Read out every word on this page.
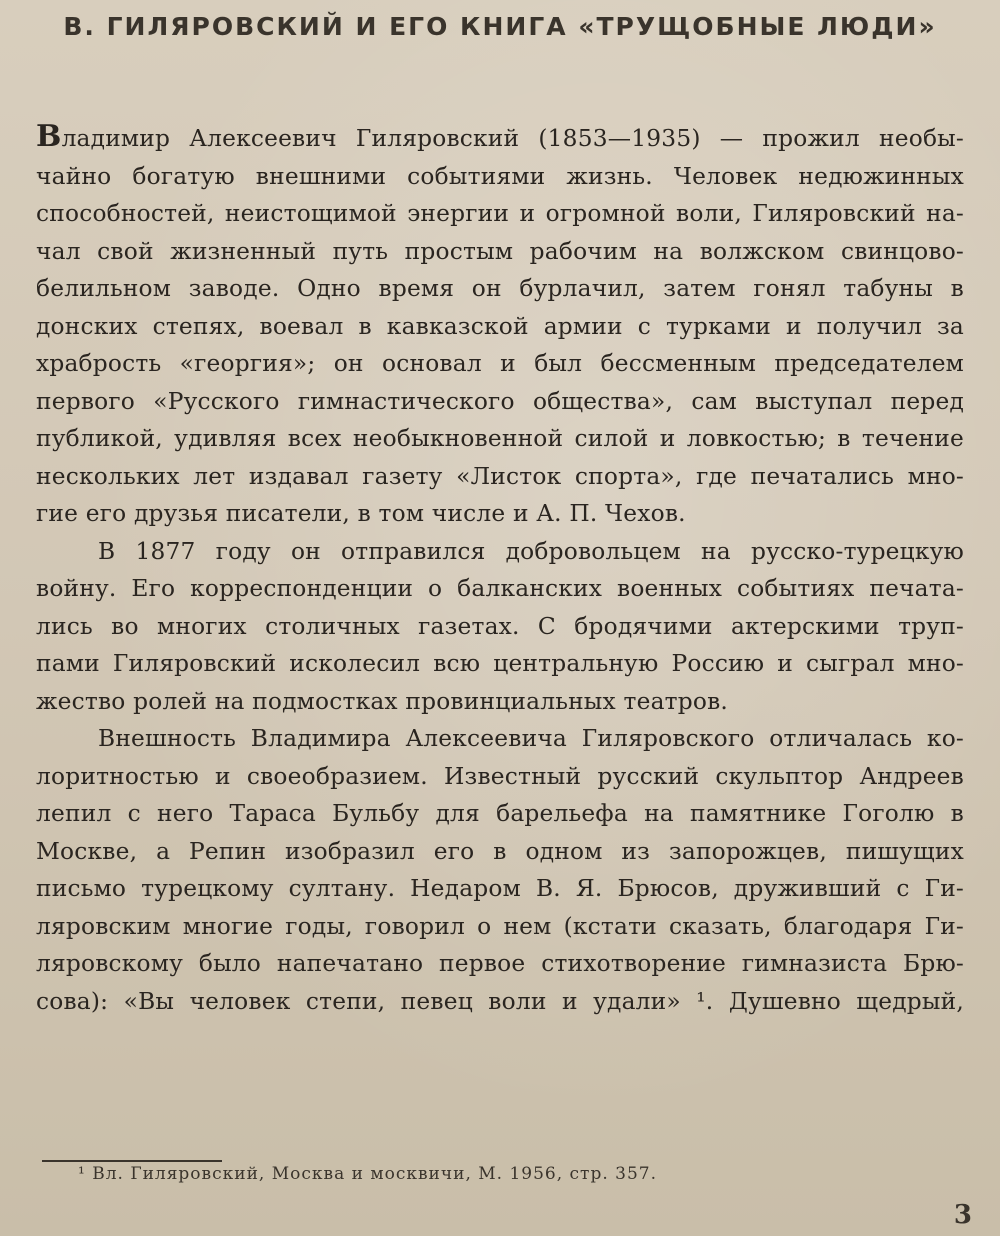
В. ГИЛЯРОВСКИЙ И ЕГО КНИГА «ТРУЩОБНЫЕ ЛЮДИ»

Владимир Алексеевич Гиляровский (1853—1935) — прожил необы-
чайно богатую внешними событиями жизнь. Человек недюжинных
способностей, неистощимой энергии и огромной воли, Гиляровский на-
чал свой жизненный путь простым рабочим на волжском свинцово-
белильном заводе. Одно время он бурлачил, затем гонял табуны в
донских степях, воевал в кавказской армии с турками и получил за
храбрость «георгия»; он основал и был бессменным председателем
первого «Русского гимнастического общества», сам выступал перед
публикой, удивляя всех необыкновенной силой и ловкостью; в течение
нескольких лет издавал газету «Листок спорта», где печатались мно-
гие его друзья писатели, в том числе и А. П. Чехов.

В 1877 году он отправился добровольцем на русско-турецкую
войну. Его корреспонденции о балканских военных событиях печата-
лись во многих столичных газетах. С бродячими актерскими труп-
пами Гиляровский исколесил всю центральную Россию и сыграл мно-
жество ролей на подмостках провинциальных театров.

Внешность Владимира Алексеевича Гиляровского отличалась ко-
лоритностью и своеобразием. Известный русский скульптор Андреев
лепил с него Тараса Бульбу для барельефа на памятнике Гоголю в
Москве, а Репин изобразил его в одном из запорожцев, пишущих
письмо турецкому султану. Недаром В. Я. Брюсов, друживший с Ги-
ляровским многие годы, говорил о нем (кстати сказать, благодаря Ги-
ляровскому было напечатано первое стихотворение гимназиста Брю-
сова): «Вы человек степи, певец воли и удали» ¹. Душевно щедрый,

¹ Вл. Гиляровский, Москва и москвичи, М. 1956, стр. 357.
3
